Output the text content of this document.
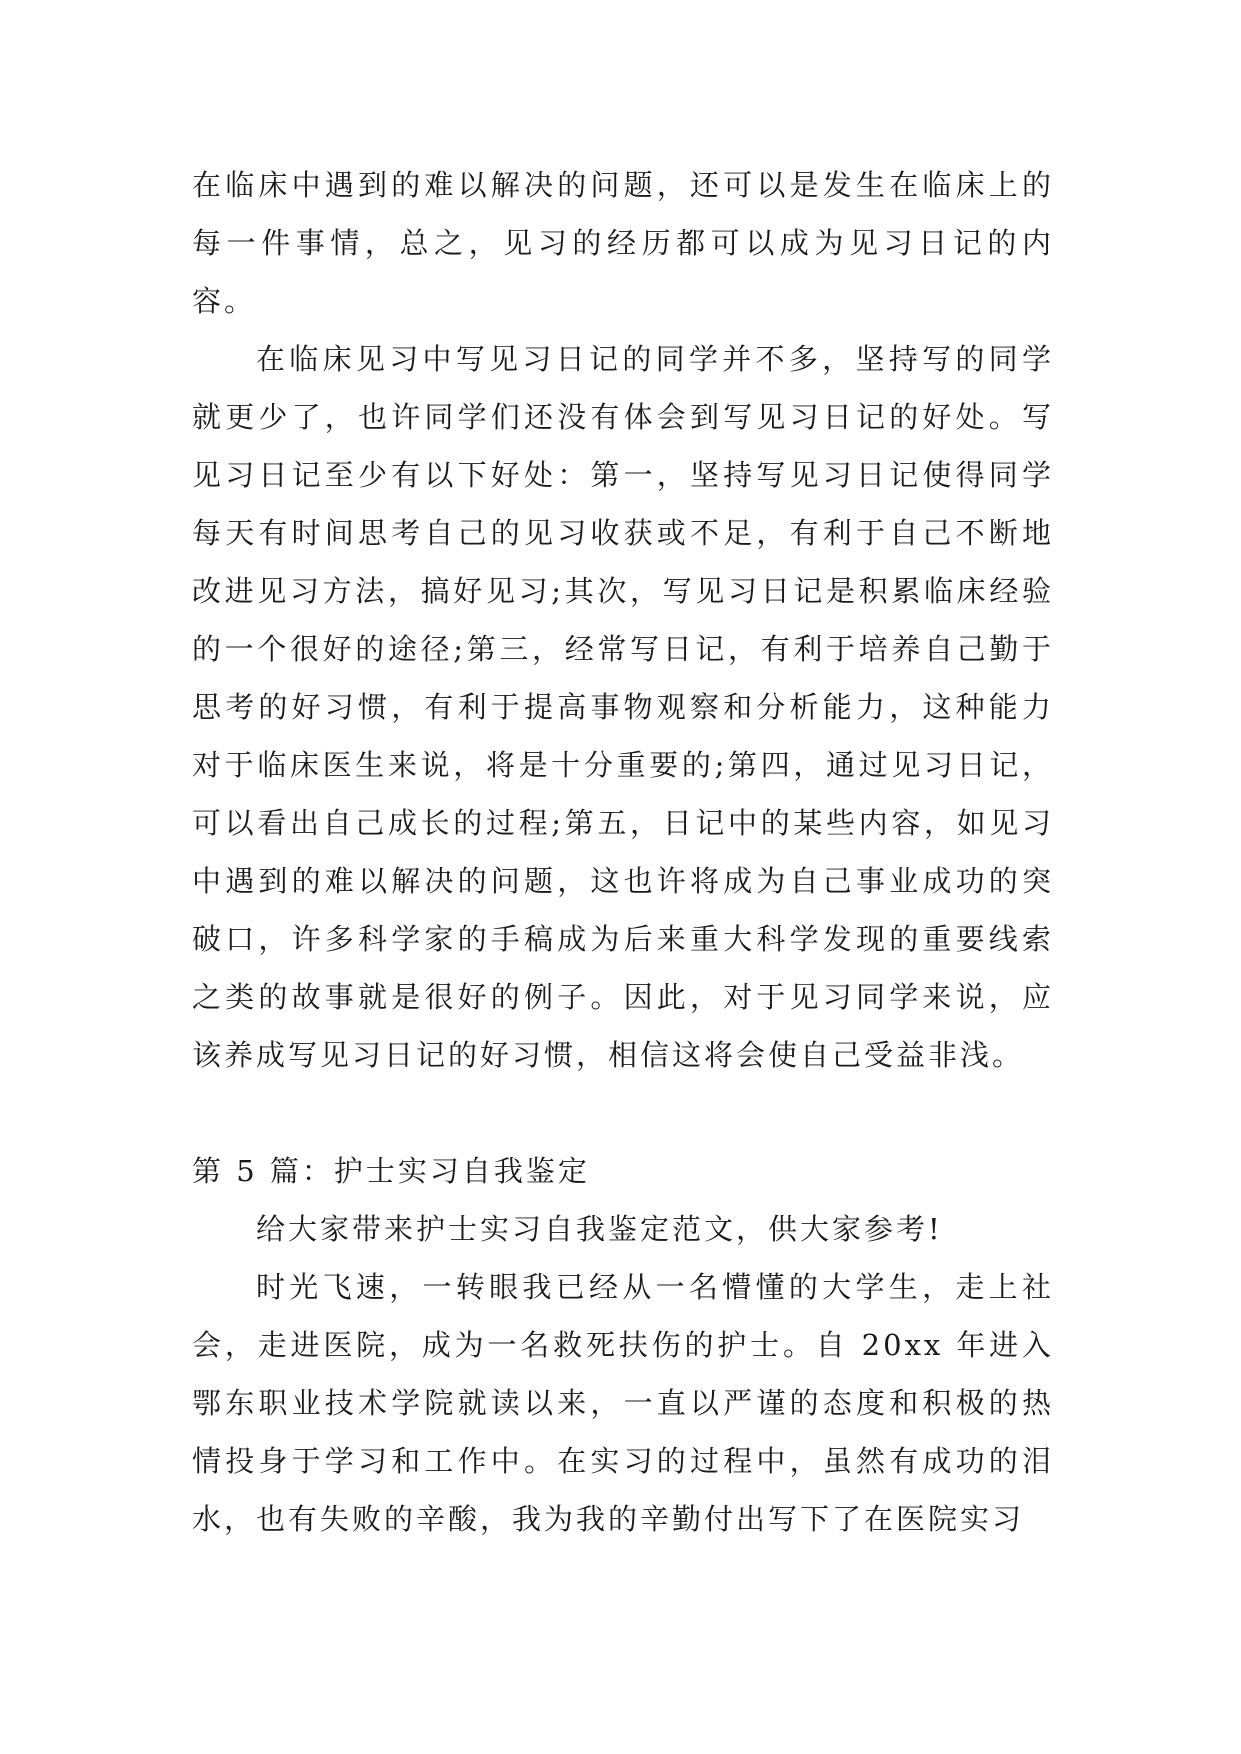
在临床中遇到的难以解决的问题，还可以是发生在临床上的每一件事情，总之，见习的经历都可以成为见习日记的内容。

在临床见习中写见习日记的同学并不多，坚持写的同学就更少了，也许同学们还没有体会到写见习日记的好处。写见习日记至少有以下好处：第一，坚持写见习日记使得同学每天有时间思考自己的见习收获或不足，有利于自己不断地改进见习方法，搞好见习;其次，写见习日记是积累临床经验的一个很好的途径;第三，经常写日记，有利于培养自己勤于思考的好习惯，有利于提高事物观察和分析能力，这种能力对于临床医生来说，将是十分重要的;第四，通过见习日记，可以看出自己成长的过程;第五，日记中的某些内容，如见习中遇到的难以解决的问题，这也许将成为自己事业成功的突破口，许多科学家的手稿成为后来重大科学发现的重要线索之类的故事就是很好的例子。因此，对于见习同学来说，应该养成写见习日记的好习惯，相信这将会使自己受益非浅。

第 5 篇：护士实习自我鉴定

给大家带来护士实习自我鉴定范文，供大家参考!

时光飞速，一转眼我已经从一名懵懂的大学生，走上社会，走进医院，成为一名救死扶伤的护士。自 20xx 年进入鄂东职业技术学院就读以来，一直以严谨的态度和积极的热情投身于学习和工作中。在实习的过程中，虽然有成功的泪水，也有失败的辛酸，我为我的辛勤付出写下了在医院实习
